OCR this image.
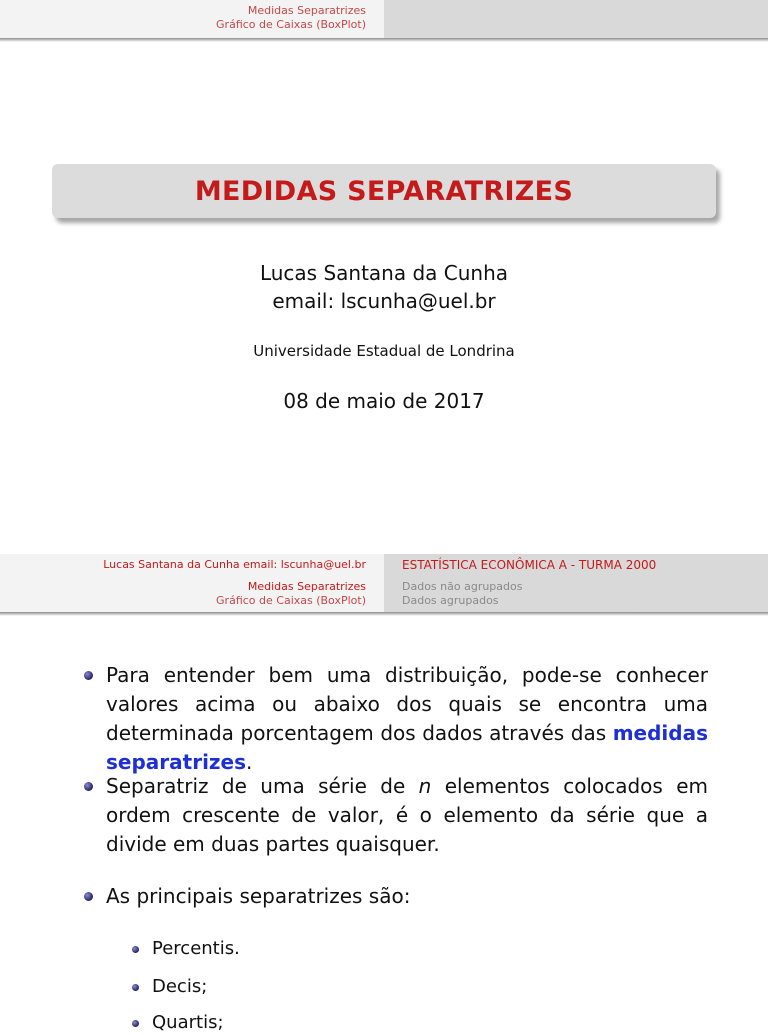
Medidas Separatrizes
Gráfico de Caixas (BoxPlot)
MEDIDAS SEPARATRIZES
Lucas Santana da Cunha
email: lscunha@uel.br
Universidade Estadual de Londrina
08 de maio de 2017
Lucas Santana da Cunha email: lscunha@uel.br
Medidas Separatrizes
Gráfico de Caixas (BoxPlot)
ESTATÍSTICA ECONÔMICA A - TURMA 2000
Dados não agrupados
Dados agrupados
Para entender bem uma distribuição, pode-se conhecer valores acima ou abaixo dos quais se encontra uma determinada porcentagem dos dados através das medidas separatrizes.
Separatriz de uma série de n elementos colocados em ordem crescente de valor, é o elemento da série que a divide em duas partes quaisquer.
As principais separatrizes são:
Percentis.
Decis;
Quartis;
